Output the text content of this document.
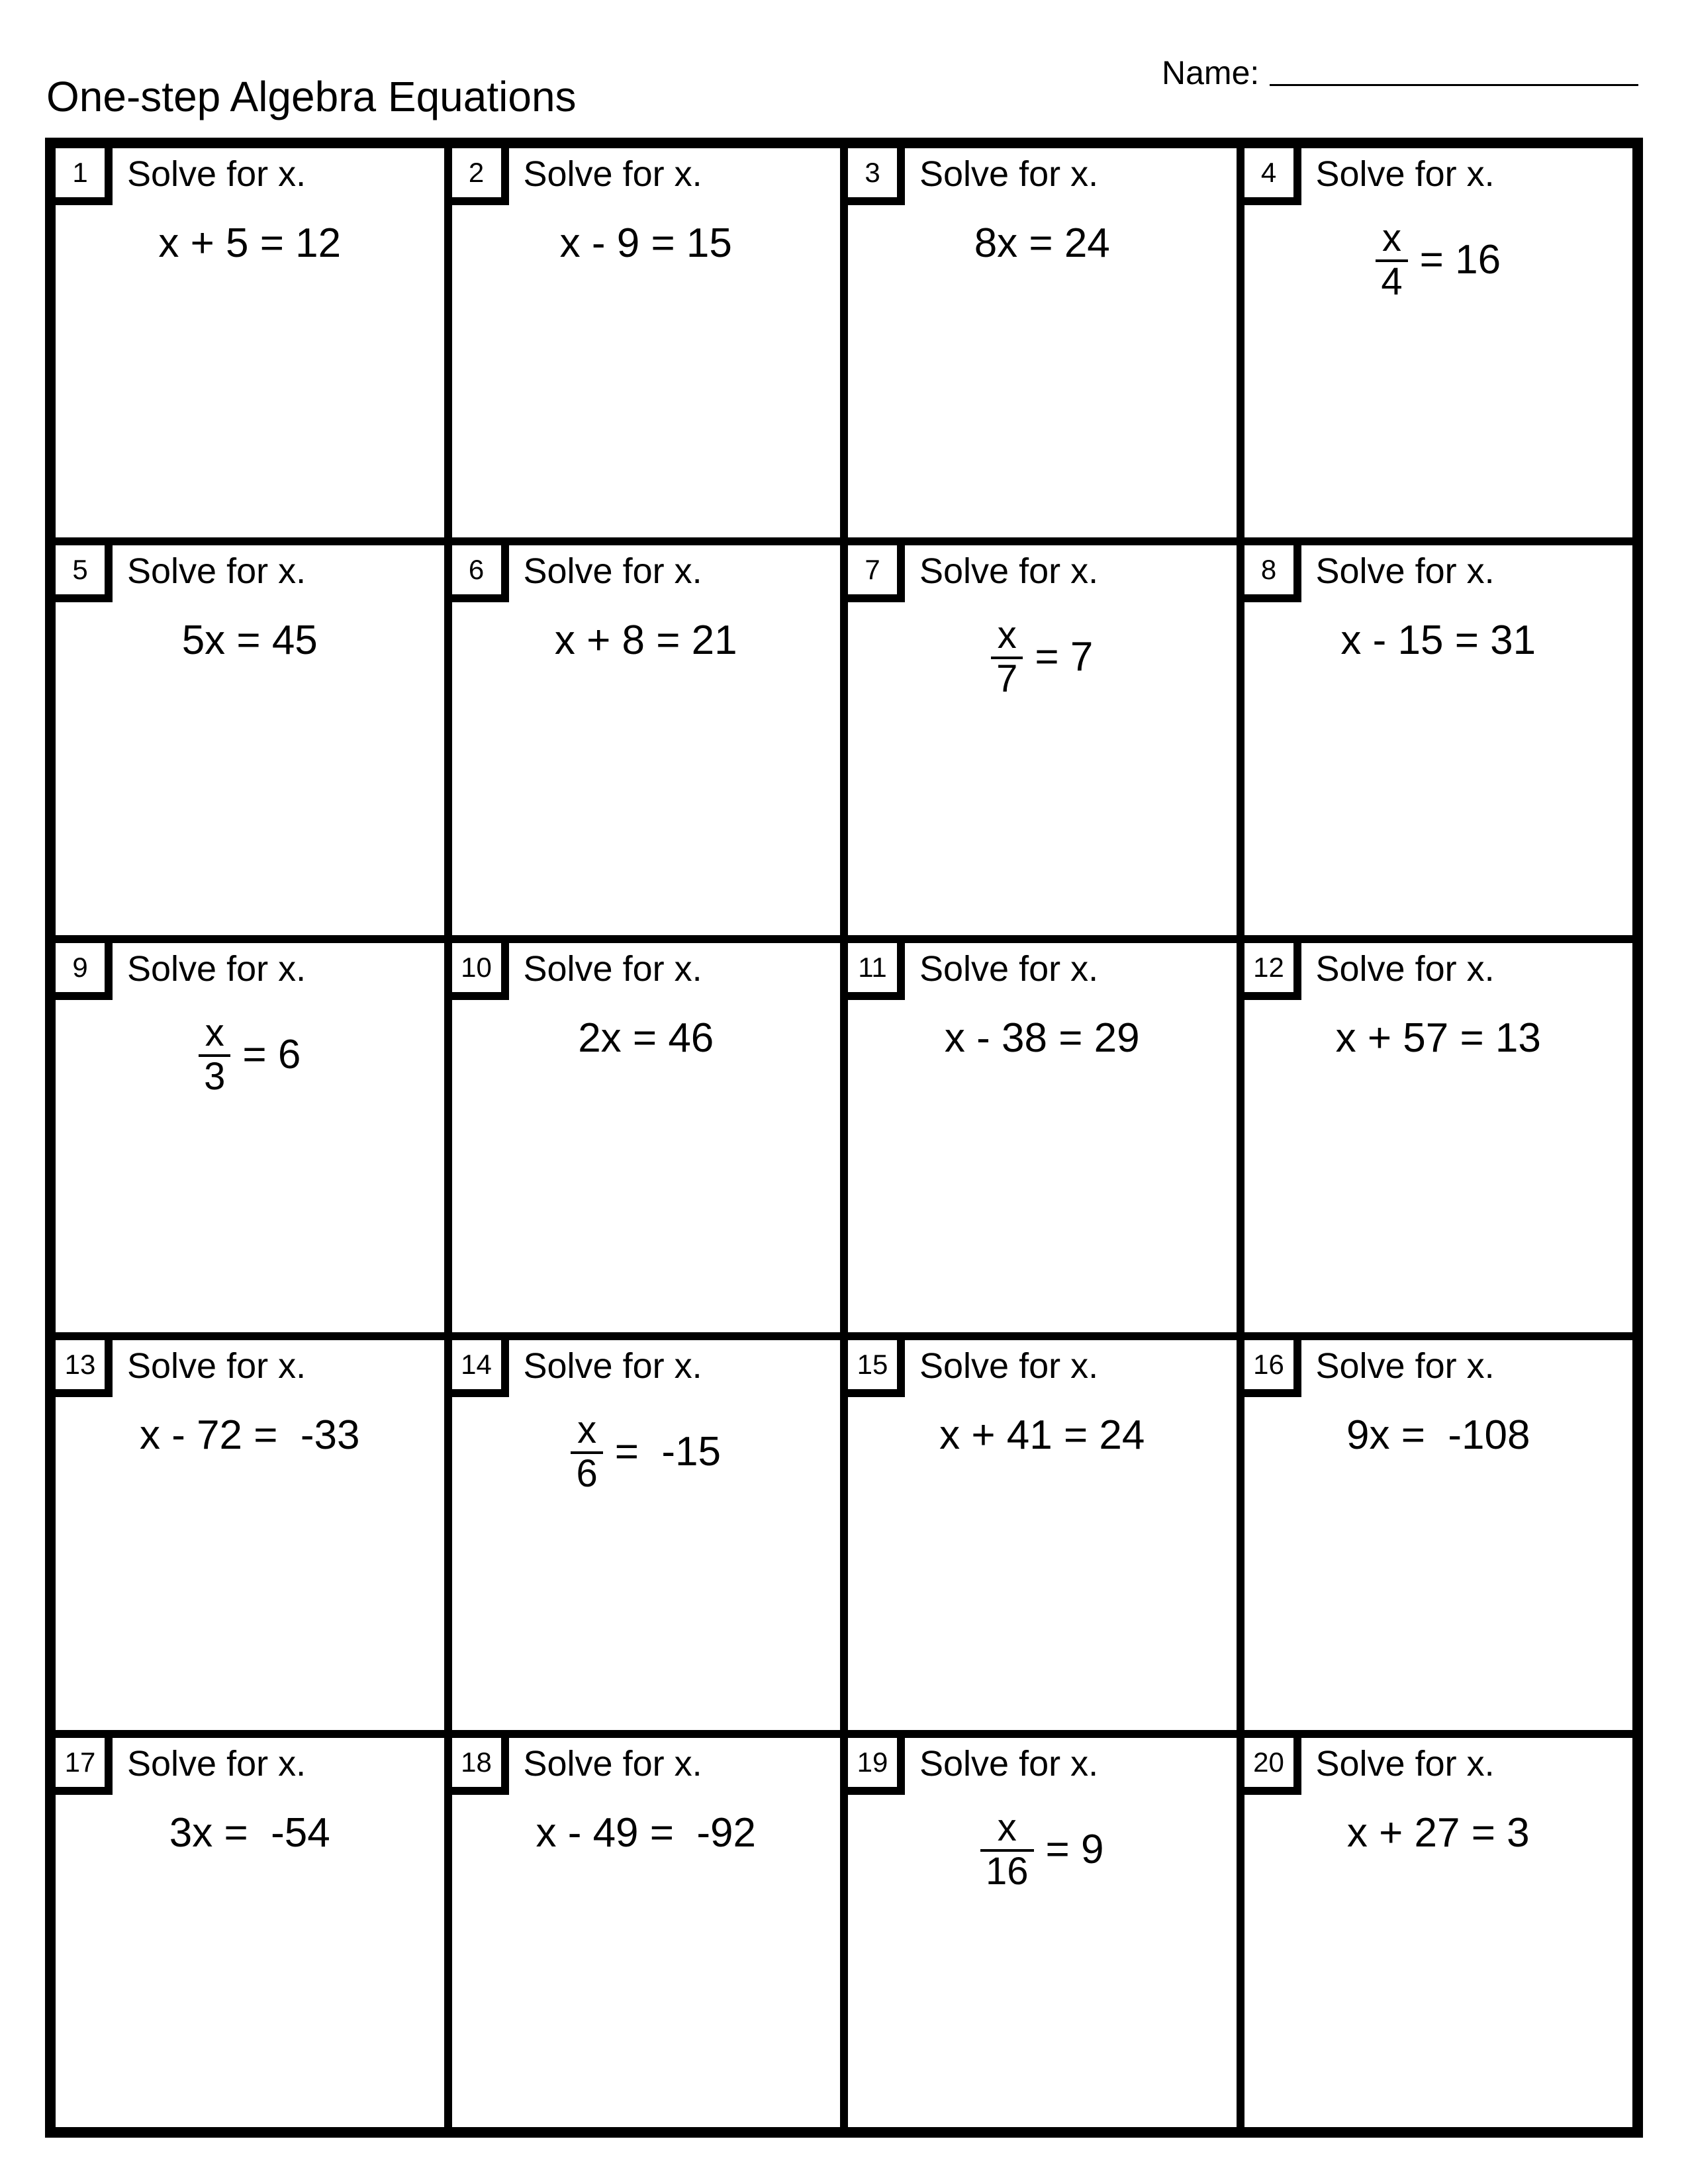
One-step Algebra Equations	Name:
1	Solve for x.
x + 5 = 12
2	Solve for x.
x - 9 = 15
3	Solve for x.
8x = 24
4	Solve for x.
$\frac{x}{4} = 16$
5	Solve for x.
5x = 45
6	Solve for x.
x + 8 = 21
7	Solve for x.
$\frac{x}{7} = 7$
8	Solve for x.
x - 15 = 31
9	Solve for x.
$\frac{x}{3} = 6$
10 Solve for x.
2x = 46
11 Solve for x.
x - 38 = 29
12 Solve for x.
x + 57 = 13
13 Solve for x.
x - 72 =  -33
14 Solve for x.
$\frac{x}{6} = -15$
15 Solve for x.
x + 41 = 24
16 Solve for x.
9x =  -108
17 Solve for x.
3x =  -54
18 Solve for x.
x - 49 =  -92
19 Solve for x.
$\frac{x}{16} = 9$
20 Solve for x.
x + 27 = 3
